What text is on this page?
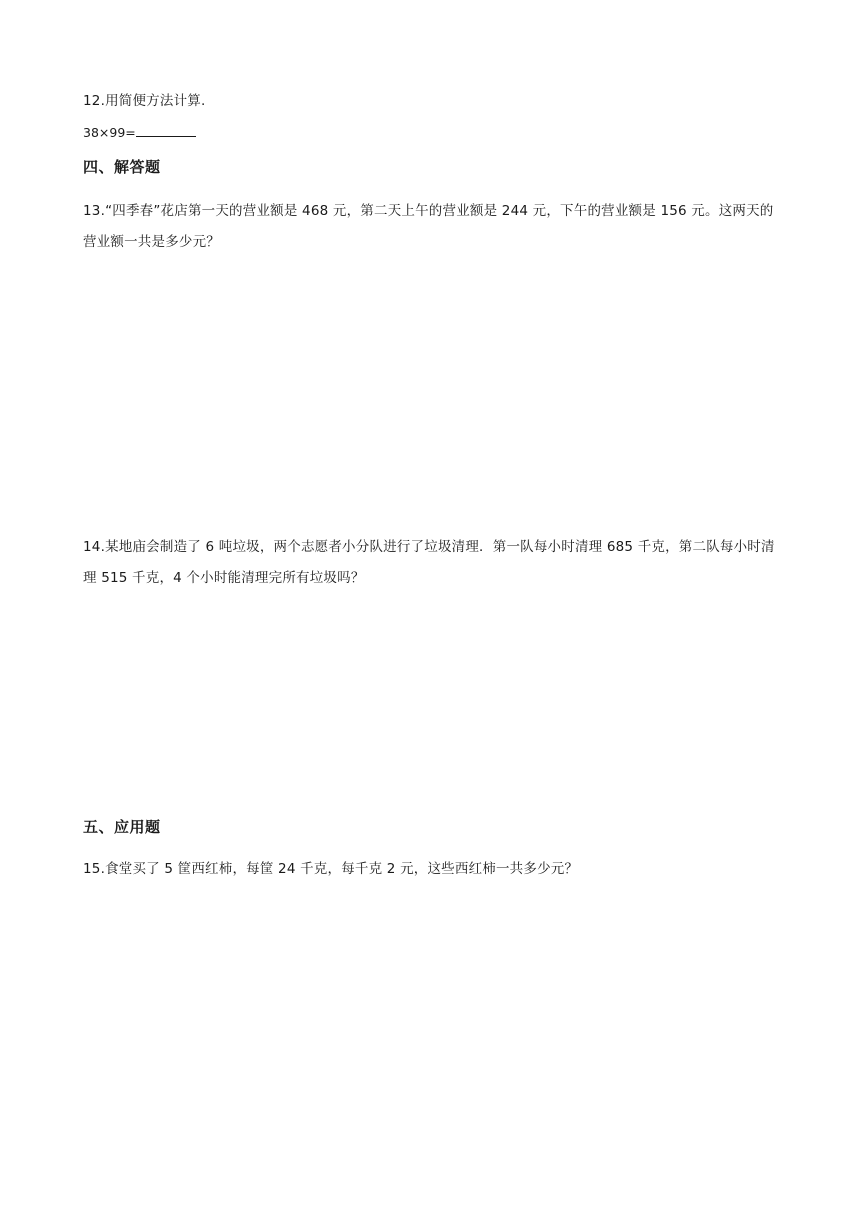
12.用简便方法计算.

38×99=

四、解答题

13.“四季春”花店第一天的营业额是 468 元，第二天上午的营业额是 244 元，下午的营业额是 156 元。这两天的营业额一共是多少元？

14.某地庙会制造了 6 吨垃圾，两个志愿者小分队进行了垃圾清理．第一队每小时清理 685 千克，第二队每小时清理 515 千克，4 个小时能清理完所有垃圾吗？

五、应用题

15.食堂买了 5 筐西红柿，每筐 24 千克，每千克 2 元，这些西红柿一共多少元？
